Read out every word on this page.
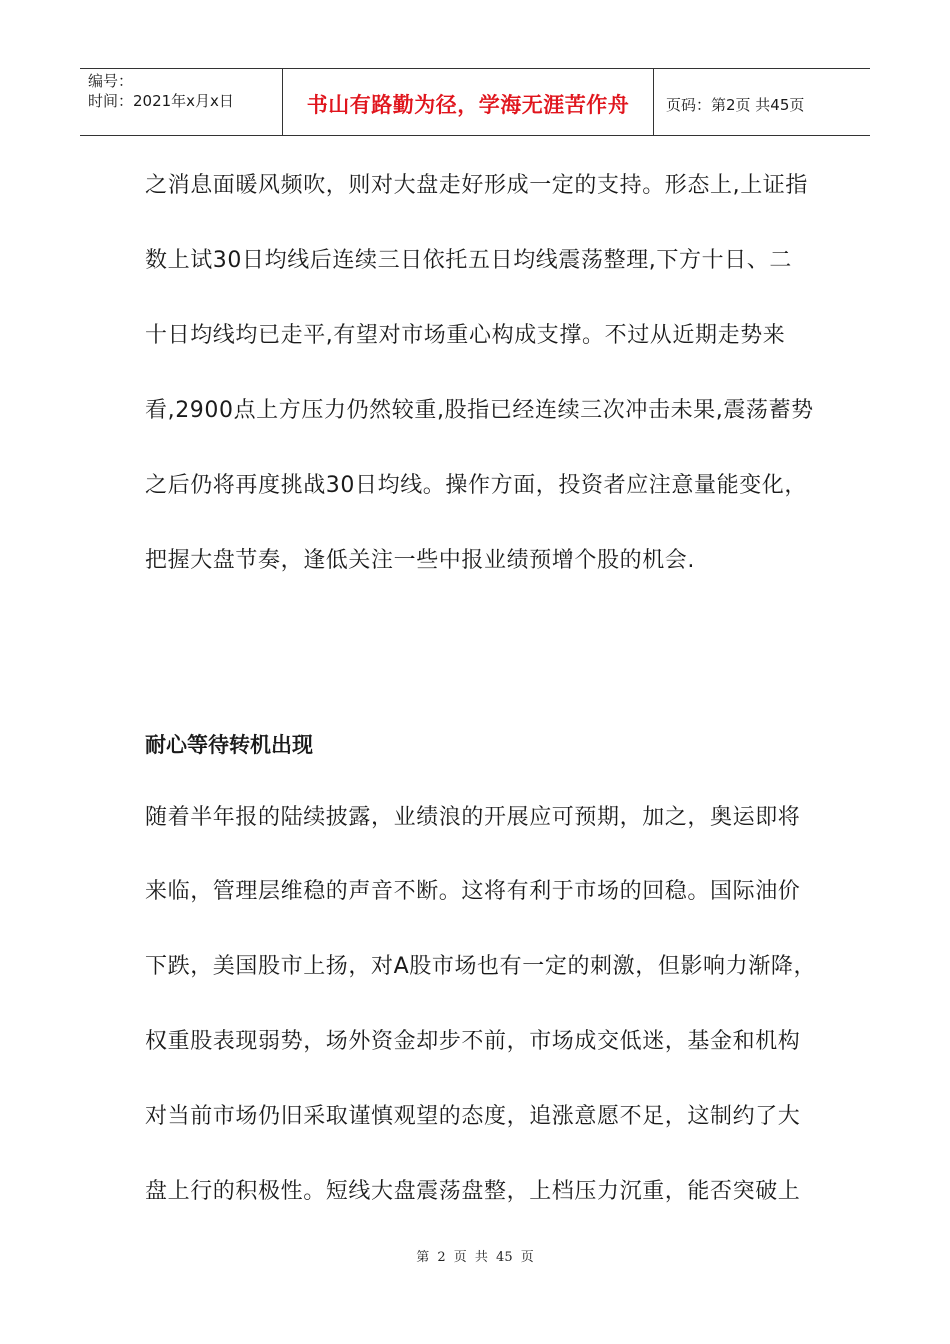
编号：
时间：2021年x月x日	书山有路勤为径，学海无涯苦作舟	页码：第2页 共45页
之消息面暖风频吹，则对大盘走好形成一定的支持。形态上,上证指
数上试30日均线后连续三日依托五日均线震荡整理,下方十日、二
十日均线均已走平,有望对市场重心构成支撑。不过从近期走势来
看,2900点上方压力仍然较重,股指已经连续三次冲击未果,震荡蓄势
之后仍将再度挑战30日均线。操作方面，投资者应注意量能变化，
把握大盘节奏，逢低关注一些中报业绩预增个股的机会.
耐心等待转机出现
随着半年报的陆续披露，业绩浪的开展应可预期，加之，奥运即将
来临，管理层维稳的声音不断。这将有利于市场的回稳。国际油价
下跌，美国股市上扬，对A股市场也有一定的刺激，但影响力渐降，
权重股表现弱势，场外资金却步不前，市场成交低迷，基金和机构
对当前市场仍旧采取谨慎观望的态度，追涨意愿不足，这制约了大
盘上行的积极性。短线大盘震荡盘整，上档压力沉重，能否突破上
第 2 页 共 45 页
